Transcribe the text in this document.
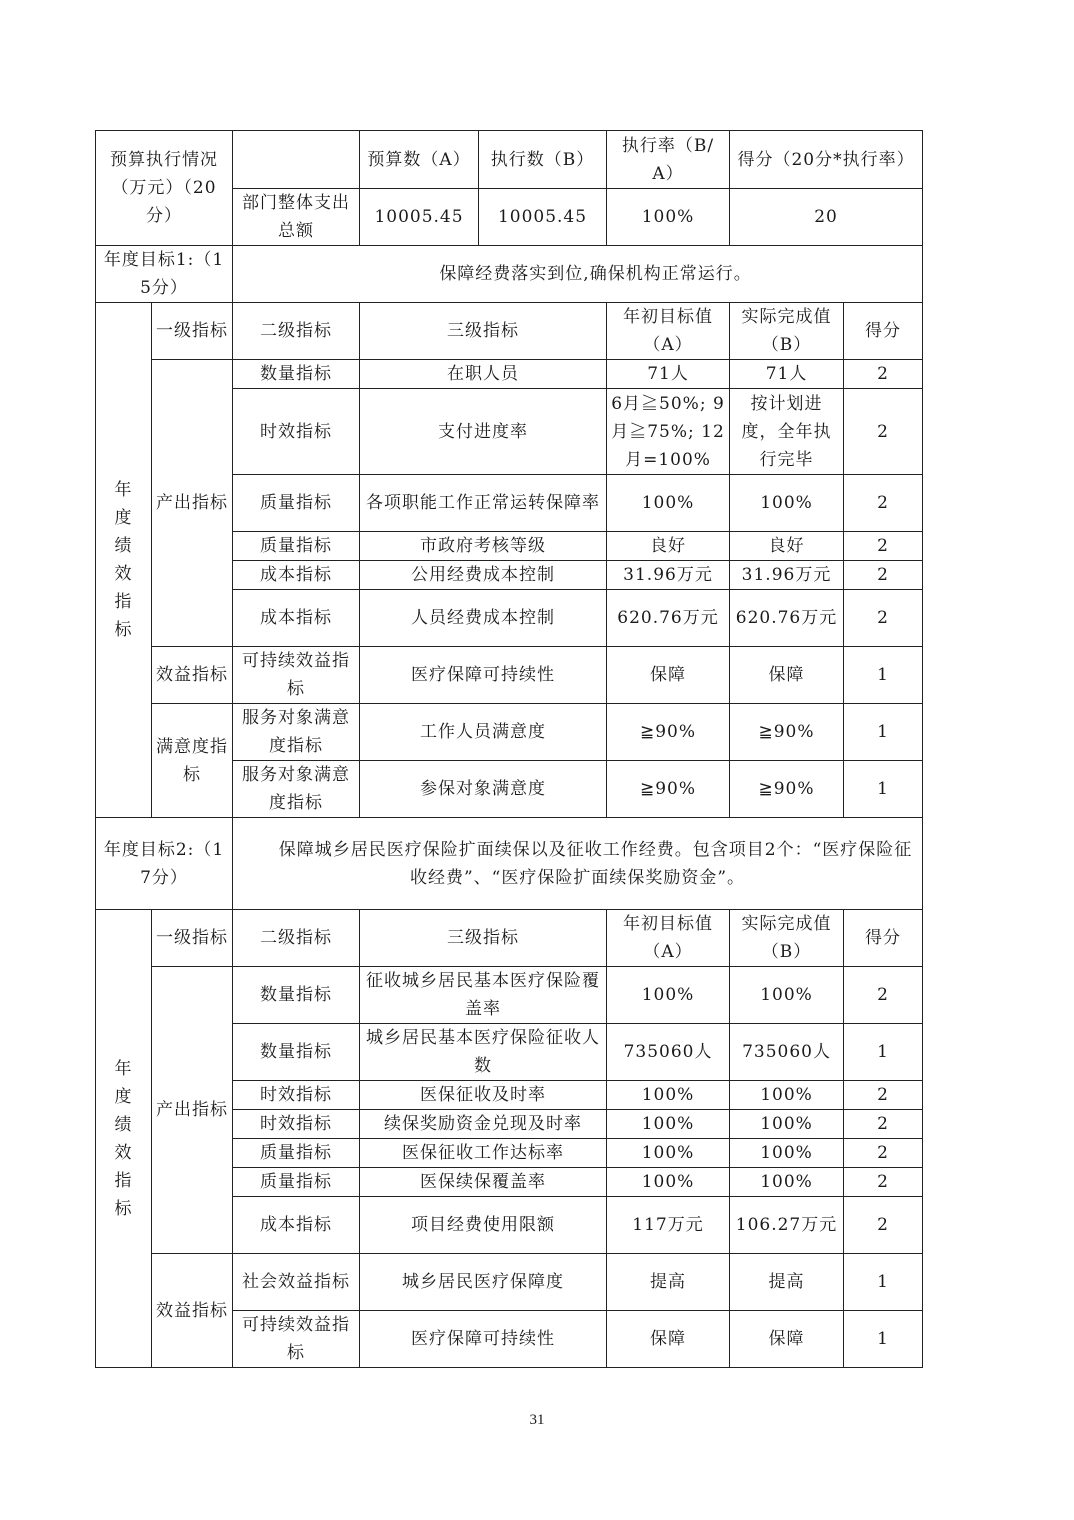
预算执行情况（万元）（20分）			预算数（A）	执行数（B）	执行率（B/A）	得分（20分*执行率）	
		部门整体支出总额	10005.45	10005.45	100%	20	
年度目标1:（15分）		保障经费落实到位,确保机构正常运行。					
年度绩效指标	一级指标	二级指标	三级指标		年初目标值（A）	实际完成值（B）	得分
	产出指标	数量指标	在职人员		71人	71人	2
		时效指标	支付进度率		6月≧50%; 9月≧75%; 12月=100%	按计划进度，全年执行完毕	2
		质量指标	各项职能工作正常运转保障率		100%	100%	2
		质量指标	市政府考核等级		良好	良好	2
		成本指标	公用经费成本控制		31.96万元	31.96万元	2
		成本指标	人员经费成本控制		620.76万元	620.76万元	2
	效益指标	可持续效益指标	医疗保障可持续性		保障	保障	1
	满意度指标	服务对象满意度指标	工作人员满意度		≧90%	≧90%	1
		服务对象满意度指标	参保对象满意度		≧90%	≧90%	1
年度目标2:（17分）		保障城乡居民医疗保险扩面续保以及征收工作经费。包含项目2个：“医疗保险征收经费”、“医疗保险扩面续保奖励资金”。					
年度绩效指标	一级指标	二级指标	三级指标		年初目标值（A）	实际完成值（B）	得分
	产出指标	数量指标	征收城乡居民基本医疗保险覆盖率		100%	100%	2
		数量指标	城乡居民基本医疗保险征收人数		735060人	735060人	1
		时效指标	医保征收及时率		100%	100%	2
		时效指标	续保奖励资金兑现及时率		100%	100%	2
		质量指标	医保征收工作达标率		100%	100%	2
		质量指标	医保续保覆盖率		100%	100%	2
		成本指标	项目经费使用限额		117万元	106.27万元	2
	效益指标	社会效益指标	城乡居民医疗保障度		提高	提高	1
		可持续效益指标	医疗保障可持续性		保障	保障	1
31
